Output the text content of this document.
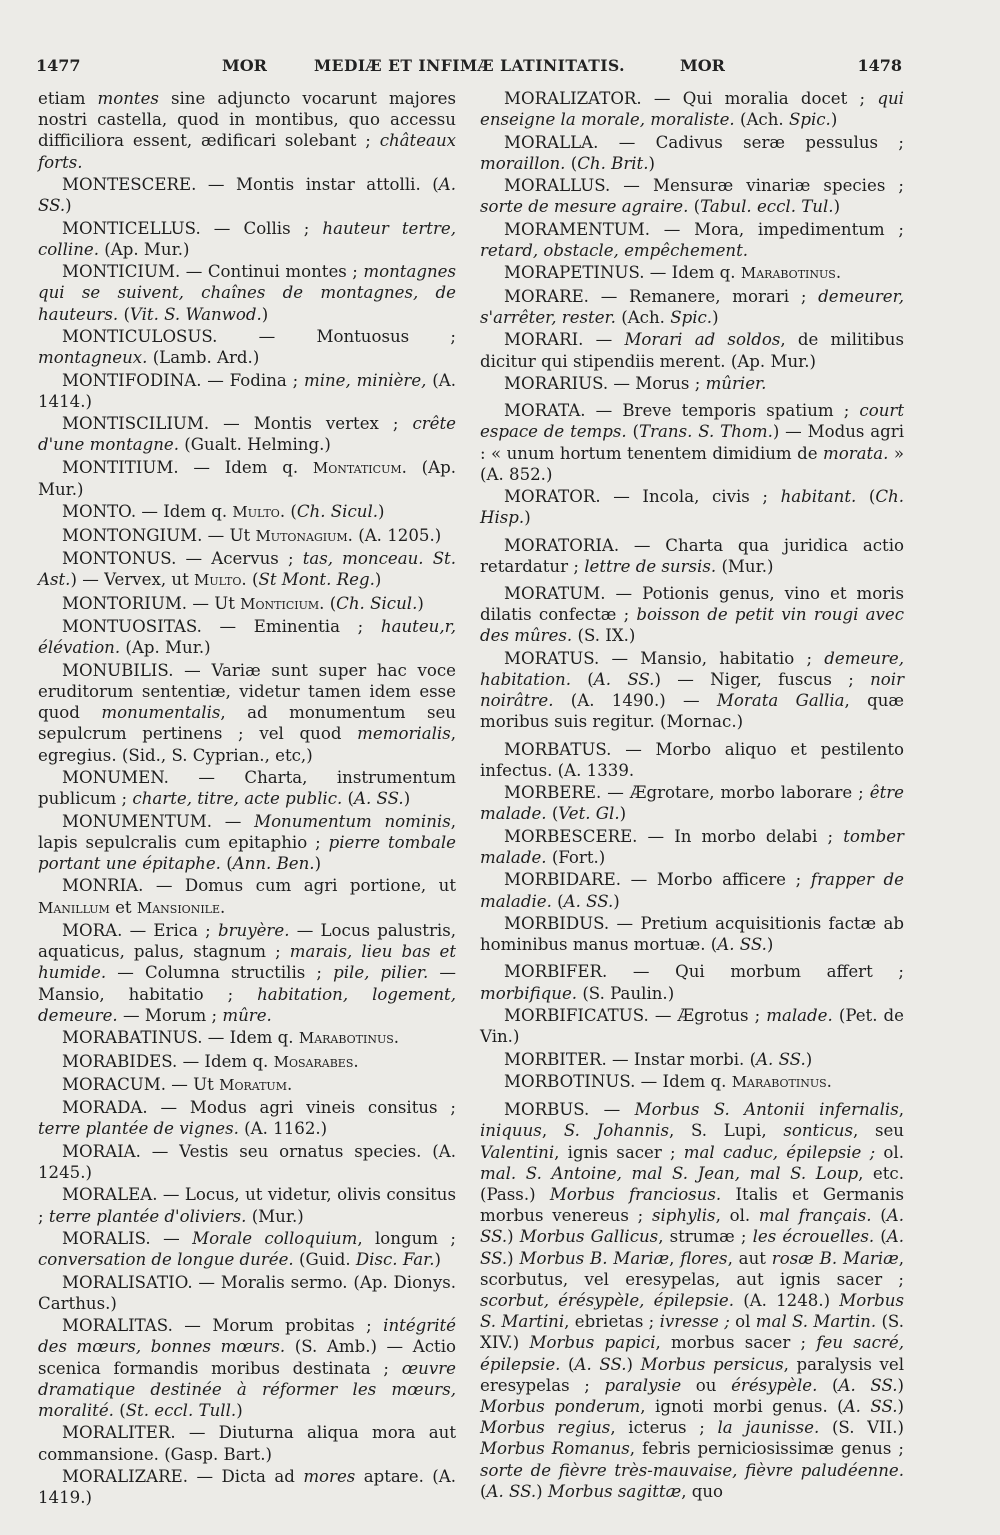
1477	MOR	MEDIÆ ET INFIMÆ LATINITATIS.	MOR	1478

etiam montes sine adjuncto vocarunt majores nostri castella, quod in montibus, quo accessu difficiliora essent, ædificari solebant ; châteaux forts.

MONTESCERE. — Montis instar attolli. (A. SS.)

MONTICELLUS. — Collis ; hauteur tertre, colline. (Ap. Mur.)

MONTICIUM. — Continui montes ; montagnes qui se suivent, chaînes de montagnes, de hauteurs. (Vit. S. Wanwod.)

MONTICULOSUS. — Montuosus ; montagneux. (Lamb. Ard.)

MONTIFODINA. — Fodina ; mine, minière, (A. 1414.)

MONTISCILIUM. — Montis vertex ; crête d'une montagne. (Gualt. Helming.)

MONTITIUM. — Idem q. Montaticum. (Ap. Mur.)

MONTO. — Idem q. Multo. (Ch. Sicul.)

MONTONGIUM. — Ut Mutonagium. (A. 1205.)

MONTONUS. — Acervus ; tas, monceau. St. Ast.) — Vervex, ut Multo. (St Mont. Reg.)

MONTORIUM. — Ut Monticium. (Ch. Sicul.)

MONTUOSITAS. — Eminentia ; hauteu,r, élévation. (Ap. Mur.)

MONUBILIS. — Variæ sunt super hac voce eruditorum sententiæ, videtur tamen idem esse quod monumentalis, ad monumentum seu sepulcrum pertinens ; vel quod memorialis, egregius. (Sid., S. Cyprian., etc,)

MONUMEN. — Charta, instrumentum publicum ; charte, titre, acte public. (A. SS.)

MONUMENTUM. — Monumentum nominis, lapis sepulcralis cum epitaphio ; pierre tombale portant une épitaphe. (Ann. Ben.)

MONRIA. — Domus cum agri portione, ut Manillum et Mansionile.

MORA. — Erica ; bruyère. — Locus palustris, aquaticus, palus, stagnum ; marais, lieu bas et humide. — Columna structilis ; pile, pilier. — Mansio, habitatio ; habitation, logement, demeure. — Morum ; mûre.

MORABATINUS. — Idem q. Marabotinus.

MORABIDES. — Idem q. Mosarabes.

MORACUM. — Ut Moratum.

MORADA. — Modus agri vineis consitus ; terre plantée de vignes. (A. 1162.)

MORAIA. — Vestis seu ornatus species. (A. 1245.)

MORALEA. — Locus, ut videtur, olivis consitus ; terre plantée d'oliviers. (Mur.)

MORALIS. — Morale colloquium, longum ; conversation de longue durée. (Guid. Disc. Far.)

MORALISATIO. — Moralis sermo. (Ap. Dionys. Carthus.)

MORALITAS. — Morum probitas ; intégrité des mœurs, bonnes mœurs. (S. Amb.) — Actio scenica formandis moribus destinata ; œuvre dramatique destinée à réformer les mœurs, moralité. (St. eccl. Tull.)

MORALITER. — Diuturna aliqua mora aut commansione. (Gasp. Bart.)

MORALIZARE. — Dicta ad mores aptare. (A. 1419.)

MORALIZATOR. — Qui moralia docet ; qui enseigne la morale, moraliste. (Ach. Spic.)

MORALLA. — Cadivus seræ pessulus ; moraillon. (Ch. Brit.)

MORALLUS. — Mensuræ vinariæ species ; sorte de mesure agraire. (Tabul. eccl. Tul.)

MORAMENTUM. — Mora, impedimentum ; retard, obstacle, empêchement.

MORAPETINUS. — Idem q. Marabotinus.

MORARE. — Remanere, morari ; demeurer, s'arrêter, rester. (Ach. Spic.)

MORARI. — Morari ad soldos, de militibus dicitur qui stipendiis merent. (Ap. Mur.)

MORARIUS. — Morus ; mûrier.

MORATA. — Breve temporis spatium ; court espace de temps. (Trans. S. Thom.) — Modus agri : « unum hortum tenentem dimidium de morata. » (A. 852.)

MORATOR. — Incola, civis ; habitant. (Ch. Hisp.)

MORATORIA. — Charta qua juridica actio retardatur ; lettre de sursis. (Mur.)

MORATUM. — Potionis genus, vino et moris dilatis confectæ ; boisson de petit vin rougi avec des mûres. (S. IX.)

MORATUS. — Mansio, habitatio ; demeure, habitation. (A. SS.) — Niger, fuscus ; noir noirâtre. (A. 1490.) — Morata Gallia, quæ moribus suis regitur. (Mornac.)

MORBATUS. — Morbo aliquo et pestilento infectus. (A. 1339.

MORBERE. — Ægrotare, morbo laborare ; être malade. (Vet. Gl.)

MORBESCERE. — In morbo delabi ; tomber malade. (Fort.)

MORBIDARE. — Morbo afficere ; frapper de maladie. (A. SS.)

MORBIDUS. — Pretium acquisitionis factæ ab hominibus manus mortuæ. (A. SS.)

MORBIFER. — Qui morbum affert ; morbifique. (S. Paulin.)

MORBIFICATUS. — Ægrotus ; malade. (Pet. de Vin.)

MORBITER. — Instar morbi. (A. SS.)

MORBOTINUS. — Idem q. Marabotinus.

MORBUS. — Morbus S. Antonii infernalis, iniquus, S. Johannis, S. Lupi, sonticus, seu Valentini, ignis sacer ; mal caduc, épilepsie ; ol. mal. S. Antoine, mal S. Jean, mal S. Loup, etc. (Pass.) Morbus franciosus. Italis et Germanis morbus venereus ; siphylis, ol. mal français. (A. SS.) Morbus Gallicus, strumæ ; les écrouelles. (A. SS.) Morbus B. Mariæ, flores, aut rosæ B. Mariæ, scorbutus, vel eresypelas, aut ignis sacer ; scorbut, érésypèle, épilepsie. (A. 1248.) Morbus S. Martini, ebrietas ; ivresse ; ol mal S. Martin. (S. XIV.) Morbus papici, morbus sacer ; feu sacré, épilepsie. (A. SS.) Morbus persicus, paralysis vel eresypelas ; paralysie ou érésypèle. (A. SS.) Morbus ponderum, ignoti morbi genus. (A. SS.) Morbus regius, icterus ; la jaunisse. (S. VII.) Morbus Romanus, febris perniciosissimæ genus ; sorte de fièvre très-mauvaise, fièvre paludéenne. (A. SS.) Morbus sagittæ, quo
